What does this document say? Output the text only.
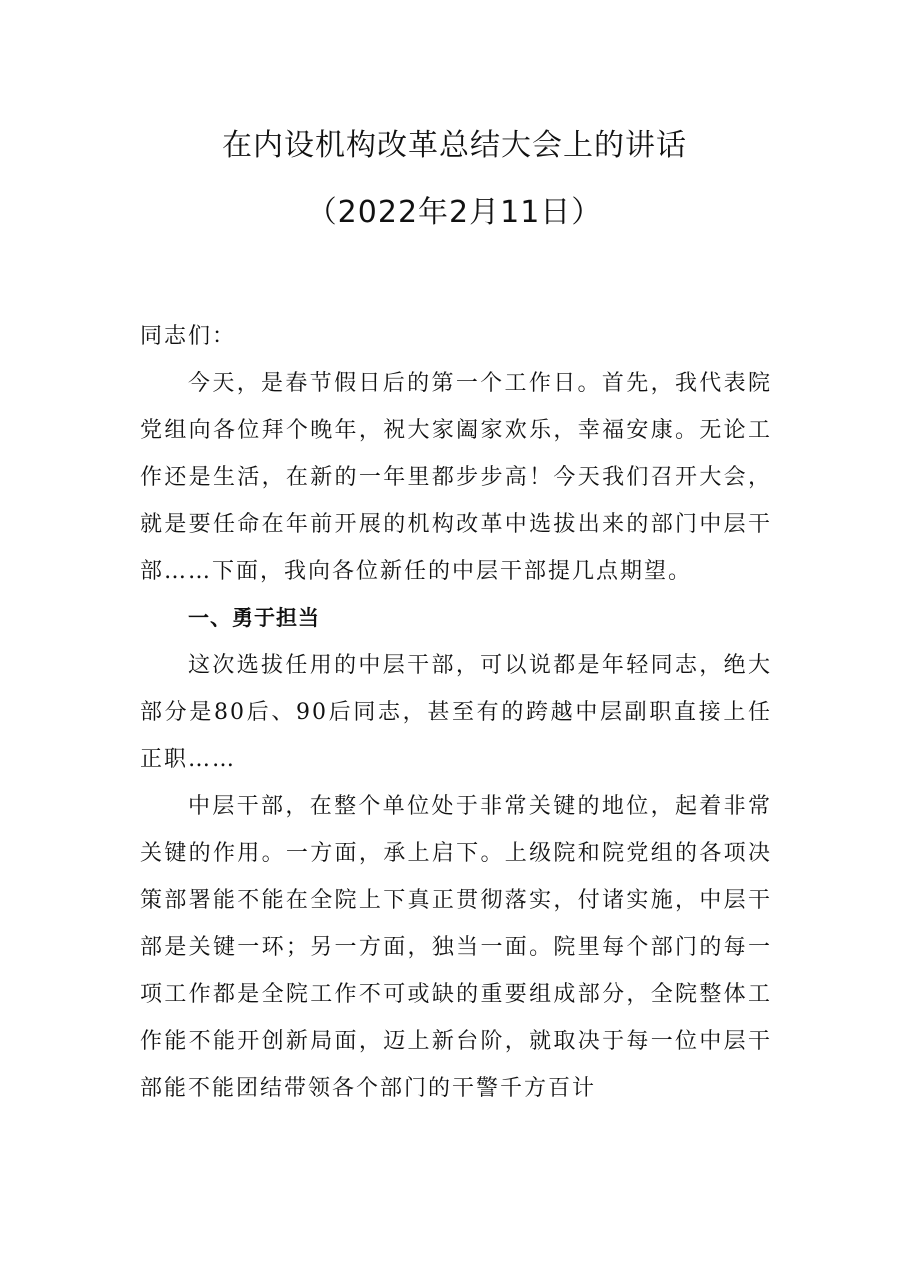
在内设机构改革总结大会上的讲话
（2022年2月11日）

同志们：

今天，是春节假日后的第一个工作日。首先，我代表院党组向各位拜个晚年，祝大家阖家欢乐，幸福安康。无论工作还是生活，在新的一年里都步步高！今天我们召开大会，就是要任命在年前开展的机构改革中选拔出来的部门中层干部……下面，我向各位新任的中层干部提几点期望。

一、勇于担当

这次选拔任用的中层干部，可以说都是年轻同志，绝大部分是80后、90后同志，甚至有的跨越中层副职直接上任正职……

中层干部，在整个单位处于非常关键的地位，起着非常关键的作用。一方面，承上启下。上级院和院党组的各项决策部署能不能在全院上下真正贯彻落实，付诸实施，中层干部是关键一环；另一方面，独当一面。院里每个部门的每一项工作都是全院工作不可或缺的重要组成部分，全院整体工作能不能开创新局面，迈上新台阶，就取决于每一位中层干部能不能团结带领各个部门的干警千方百计
